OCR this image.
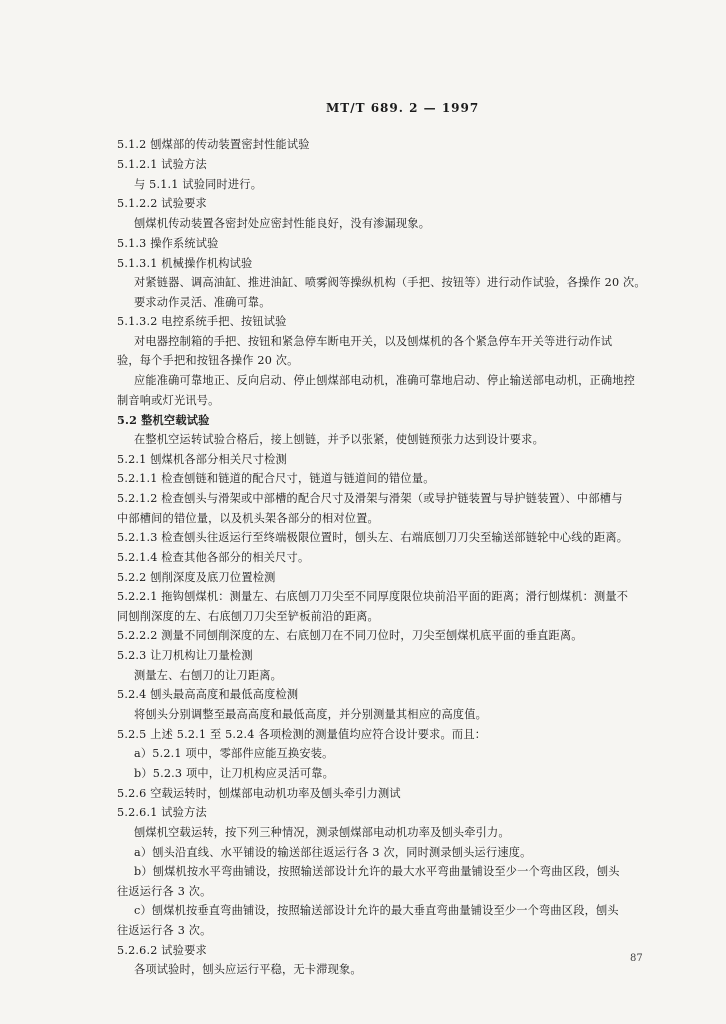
MT/T 689. 2 — 1997
5.1.2 刨煤部的传动装置密封性能试验
5.1.2.1 试验方法
与 5.1.1 试验同时进行。
5.1.2.2 试验要求
刨煤机传动装置各密封处应密封性能良好，没有渗漏现象。
5.1.3 操作系统试验
5.1.3.1 机械操作机构试验
对紧链器、调高油缸、推进油缸、喷雾阀等操纵机构（手把、按钮等）进行动作试验，各操作 20 次。
要求动作灵活、准确可靠。
5.1.3.2 电控系统手把、按钮试验
对电器控制箱的手把、按钮和紧急停车断电开关，以及刨煤机的各个紧急停车开关等进行动作试
验，每个手把和按钮各操作 20 次。
应能准确可靠地正、反向启动、停止刨煤部电动机，准确可靠地启动、停止输送部电动机，正确地控
制音响或灯光讯号。
5.2 整机空载试验
在整机空运转试验合格后，接上刨链，并予以张紧，使刨链预张力达到设计要求。
5.2.1 刨煤机各部分相关尺寸检测
5.2.1.1 检查刨链和链道的配合尺寸，链道与链道间的错位量。
5.2.1.2 检查刨头与滑架或中部槽的配合尺寸及滑架与滑架（或导护链装置与导护链装置）、中部槽与
中部槽间的错位量，以及机头架各部分的相对位置。
5.2.1.3 检查刨头往返运行至终端极限位置时，刨头左、右端底刨刀刀尖至输送部链轮中心线的距离。
5.2.1.4 检查其他各部分的相关尺寸。
5.2.2 刨削深度及底刀位置检测
5.2.2.1 拖钩刨煤机：测量左、右底刨刀刀尖至不同厚度限位块前沿平面的距离；滑行刨煤机：测量不
同刨削深度的左、右底刨刀刀尖至铲板前沿的距离。
5.2.2.2 测量不同刨削深度的左、右底刨刀在不同刀位时，刀尖至刨煤机底平面的垂直距离。
5.2.3 让刀机构让刀量检测
测量左、右刨刀的让刀距离。
5.2.4 刨头最高高度和最低高度检测
将刨头分别调整至最高高度和最低高度，并分别测量其相应的高度值。
5.2.5 上述 5.2.1 至 5.2.4 各项检测的测量值均应符合设计要求。而且：
a）5.2.1 项中，零部件应能互换安装。
b）5.2.3 项中，让刀机构应灵活可靠。
5.2.6 空载运转时，刨煤部电动机功率及刨头牵引力测试
5.2.6.1 试验方法
刨煤机空载运转，按下列三种情况，测录刨煤部电动机功率及刨头牵引力。
a）刨头沿直线、水平铺设的输送部往返运行各 3 次，同时测录刨头运行速度。
b）刨煤机按水平弯曲铺设，按照输送部设计允许的最大水平弯曲量铺设至少一个弯曲区段，刨头
往返运行各 3 次。
c）刨煤机按垂直弯曲铺设，按照输送部设计允许的最大垂直弯曲量铺设至少一个弯曲区段，刨头
往返运行各 3 次。
5.2.6.2 试验要求
各项试验时，刨头应运行平稳，无卡滞现象。
87
